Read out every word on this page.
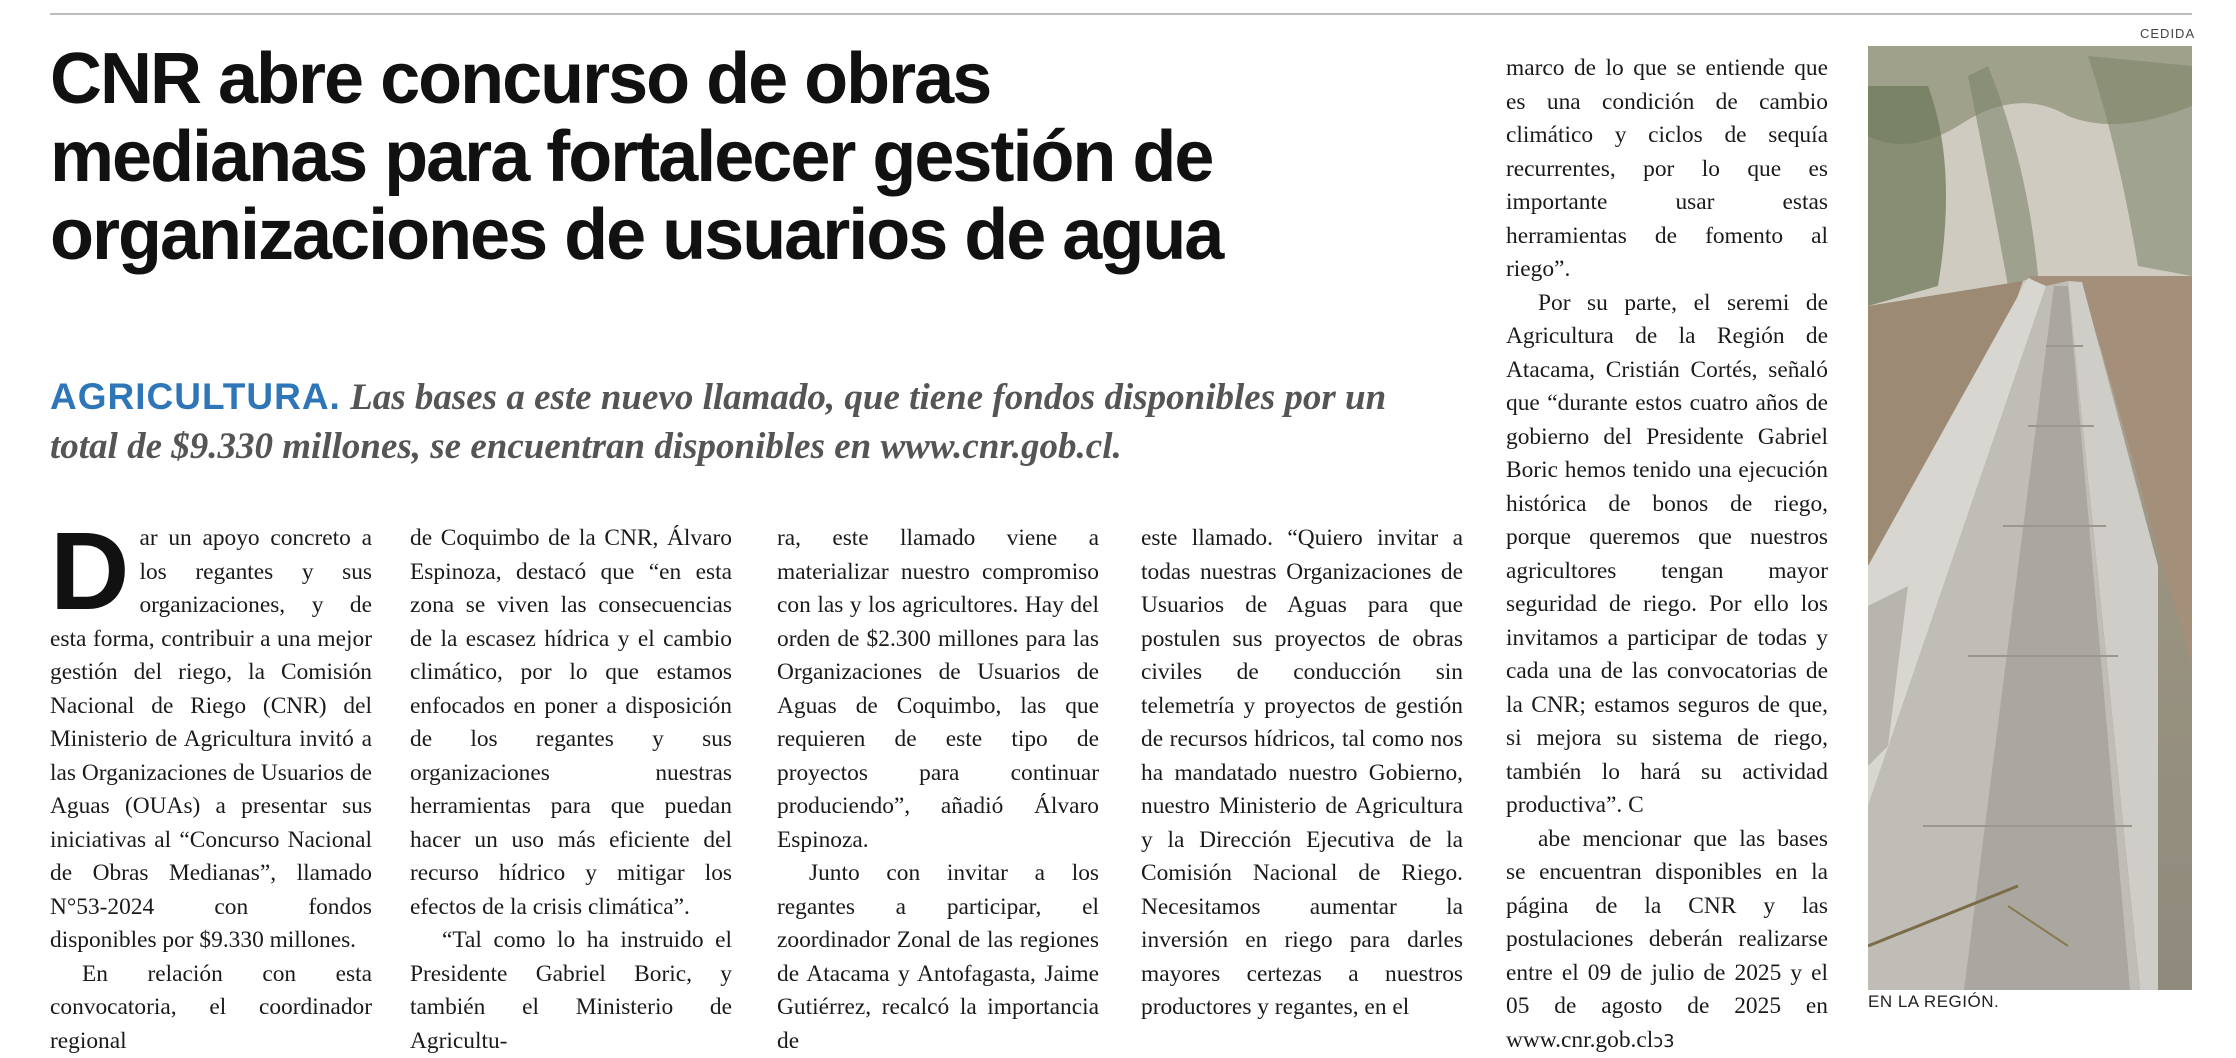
CNR abre concurso de obras
medianas para fortalecer gestión de
organizaciones de usuarios de agua
AGRICULTURA. Las bases a este nuevo llamado, que tiene fondos disponibles por un total de $9.330 millones, se encuentran disponibles en www.cnr.gob.cl.

Dar un apoyo concreto a los regantes y sus organizaciones, y de esta forma, contribuir a una mejor gestión del riego, la Comisión Nacional de Riego (CNR) del Ministerio de Agricultura invitó a las Organizaciones de Usuarios de Aguas (OUAs) a presentar sus iniciativas al “Concurso Nacional de Obras Medianas”, llamado N°53-2024 con fondos disponibles por $9.330 millones.

En relación con esta convocatoria, el coordinador regional

de Coquimbo de la CNR, Álvaro Espinoza, destacó que “en esta zona se viven las consecuencias de la escasez hídrica y el cambio climático, por lo que estamos enfocados en poner a disposición de los regantes y sus organizaciones nuestras herramientas para que puedan hacer un uso más eficiente del recurso hídrico y mitigar los efectos de la crisis climática”.

“Tal como lo ha instruido el Presidente Gabriel Boric, y también el Ministerio de Agricultu-

ra, este llamado viene a materializar nuestro compromiso con las y los agricultores. Hay del orden de $2.300 millones para las Organizaciones de Usuarios de Aguas de Coquimbo, las que requieren de este tipo de proyectos para continuar produciendo”, añadió Álvaro Espinoza.

Junto con invitar a los regantes a participar, el zoordinador Zonal de las regiones de Atacama y Antofagasta, Jaime Gutiérrez, recalcó la importancia de

este llamado. “Quiero invitar a todas nuestras Organizaciones de Usuarios de Aguas para que postulen sus proyectos de obras civiles de conducción sin telemetría y proyectos de gestión de recursos hídricos, tal como nos ha mandatado nuestro Gobierno, nuestro Ministerio de Agricultura y la Dirección Ejecutiva de la Comisión Nacional de Riego. Necesitamos aumentar la inversión en riego para darles mayores certezas a nuestros productores y regantes, en el

marco de lo que se entiende que es una condición de cambio climático y ciclos de sequía recurrentes, por lo que es importante usar estas herramientas de fomento al riego”.

Por su parte, el seremi de Agricultura de la Región de Atacama, Cristián Cortés, señaló que “durante estos cuatro años de gobierno del Presidente Gabriel Boric hemos tenido una ejecución histórica de bonos de riego, porque queremos que nuestros agricultores tengan mayor seguridad de riego. Por ello los invitamos a participar de todas y cada una de las convocatorias de la CNR; estamos seguros de que, si mejora su sistema de riego, también lo hará su actividad productiva”. C

abe mencionar que las bases se encuentran disponibles en la página de la CNR y las postulaciones deberán realizarse entre el 09 de julio de 2025 y el 05 de agosto de 2025 en www.cnr.gob.clↄ3

CEDIDA
EN LA REGIÓN.
